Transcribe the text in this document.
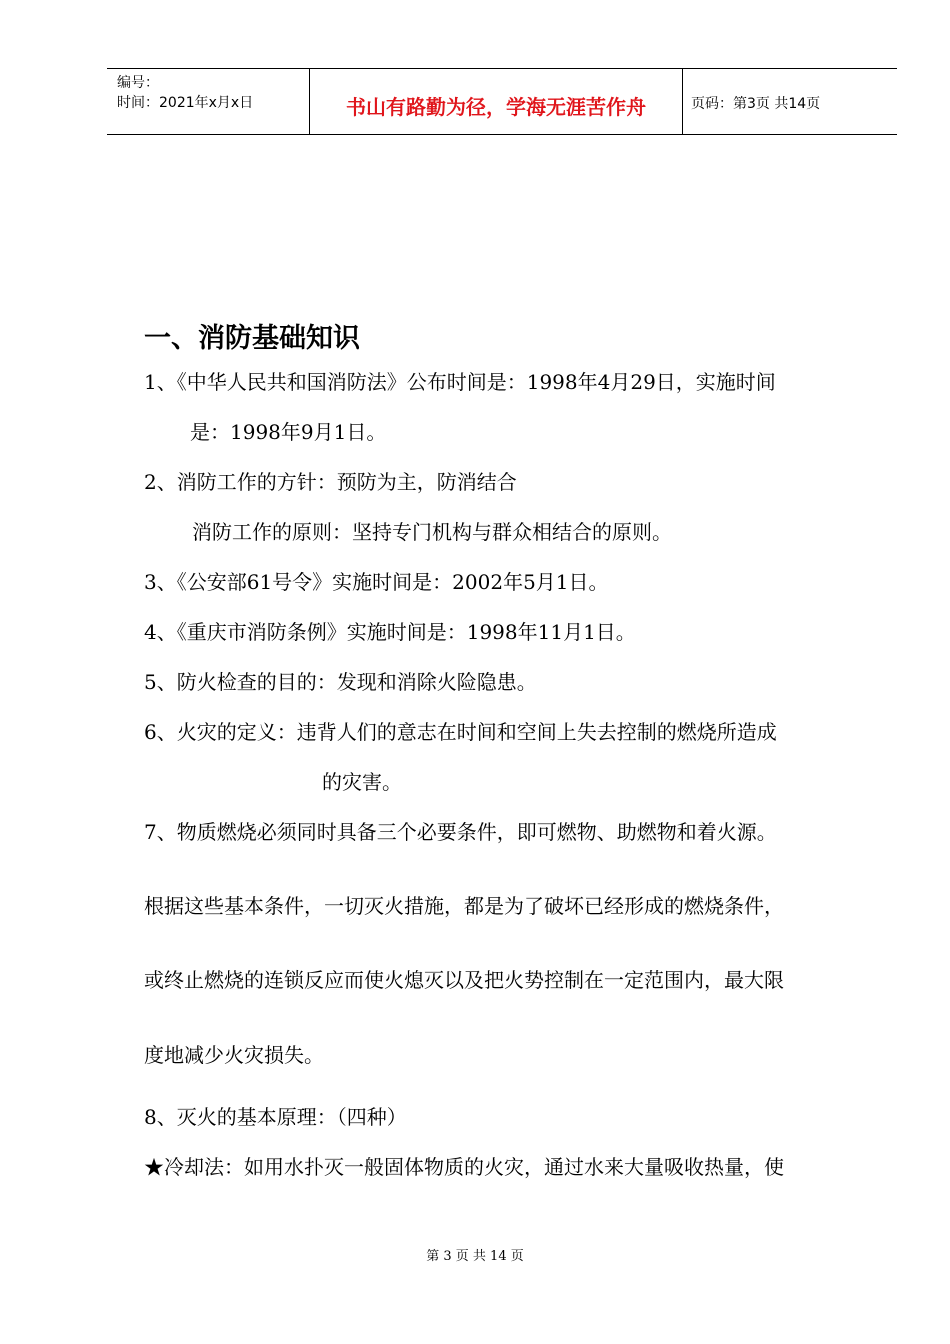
编号：
时间：2021年x月x日	书山有路勤为径，学海无涯苦作舟	页码：第3页 共14页
一、消防基础知识
1、《中华人民共和国消防法》公布时间是：1998年4月29日，实施时间
是：1998年9月1日。
2、消防工作的方针：预防为主，防消结合
消防工作的原则：坚持专门机构与群众相结合的原则。
3、《公安部61号令》实施时间是：2002年5月1日。
4、《重庆市消防条例》实施时间是：1998年11月1日。
5、防火检查的目的：发现和消除火险隐患。
6、火灾的定义：违背人们的意志在时间和空间上失去控制的燃烧所造成
的灾害。
7、物质燃烧必须同时具备三个必要条件，即可燃物、助燃物和着火源。
根据这些基本条件，一切灭火措施，都是为了破坏已经形成的燃烧条件，
或终止燃烧的连锁反应而使火熄灭以及把火势控制在一定范围内，最大限
度地减少火灾损失。
8、灭火的基本原理：（四种）
★冷却法：如用水扑灭一般固体物质的火灾，通过水来大量吸收热量，使
第 3 页 共 14 页
